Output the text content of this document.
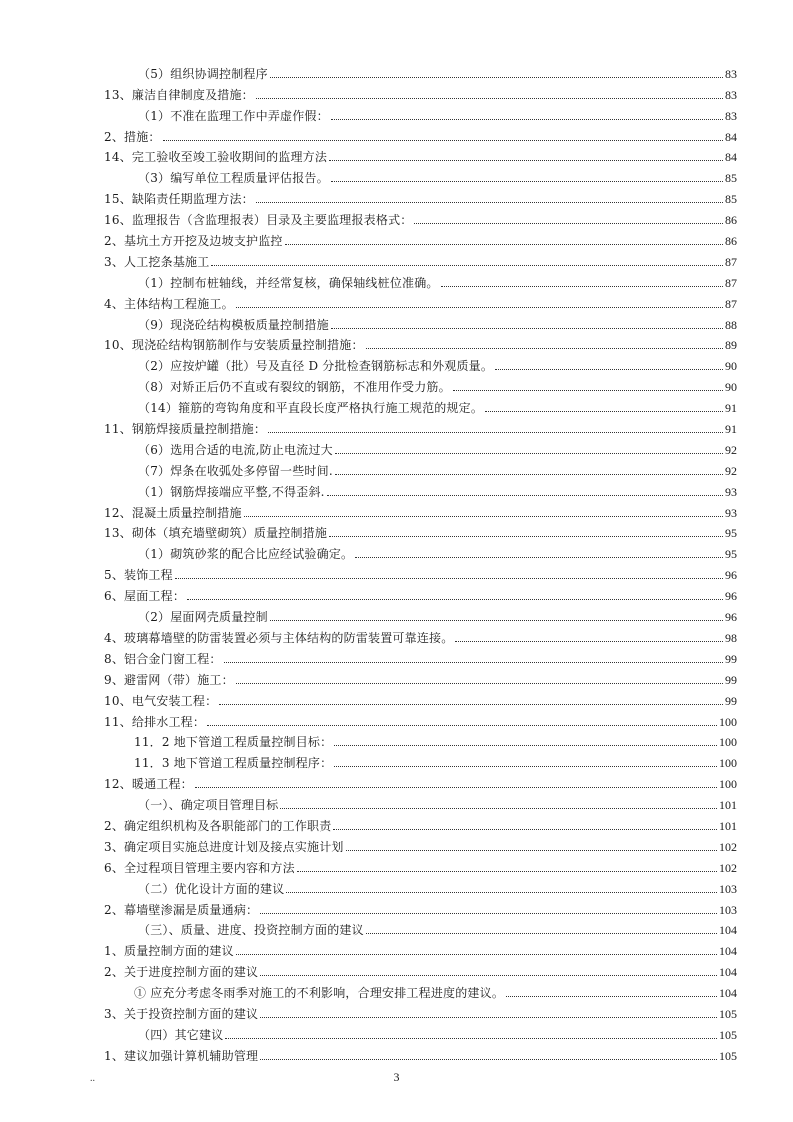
（5）组织协调控制程序	83
13、廉洁自律制度及措施：	83
（1）不准在监理工作中弄虚作假：	83
2、措施：	84
14、完工验收至竣工验收期间的监理方法	84
（3）编写单位工程质量评估报告。	85
15、缺陷责任期监理方法：	85
16、监理报告（含监理报表）目录及主要监理报表格式：	86
2、基坑土方开挖及边坡支护监控	86
3、人工挖条基施工	87
（1）控制布桩轴线，并经常复核，确保轴线桩位准确。	87
4、主体结构工程施工。	87
（9）现浇砼结构模板质量控制措施	88
10、现浇砼结构钢筋制作与安装质量控制措施：	89
（2）应按炉罐（批）号及直径 D 分批检查钢筋标志和外观质量。	90
（8）对矫正后仍不直或有裂纹的钢筋，不准用作受力筋。	90
（14）箍筋的弯钩角度和平直段长度严格执行施工规范的规定。	91
11、钢筋焊接质量控制措施：	91
（6）选用合适的电流,防止电流过大	92
（7）焊条在收弧处多停留一些时间.	92
（1）钢筋焊接端应平整,不得歪斜.	93
12、混凝土质量控制措施	93
13、砌体（填充墙壁砌筑）质量控制措施	95
（1）砌筑砂浆的配合比应经试验确定。	95
5、装饰工程	96
6、屋面工程：	96
（2）屋面网壳质量控制	96
4、玻璃幕墙壁的防雷装置必须与主体结构的防雷装置可靠连接。	98
8、铝合金门窗工程：	99
9、避雷网（带）施工：	99
10、电气安装工程：	99
11、给排水工程：	100
11．2 地下管道工程质量控制目标：	100
11．3 地下管道工程质量控制程序：	100
12、暖通工程：	100
（一）、确定项目管理目标	101
2、确定组织机构及各职能部门的工作职责	101
3、确定项目实施总进度计划及接点实施计划	102
6、全过程项目管理主要内容和方法	102
（二）优化设计方面的建议	103
2、幕墙壁渗漏是质量通病：	103
（三）、质量、进度、投资控制方面的建议	104
1、质量控制方面的建议	104
2、关于进度控制方面的建议	104
① 应充分考虑冬雨季对施工的不利影响，合理安排工程进度的建议。	104
3、关于投资控制方面的建议	105
（四）其它建议	105
1、建议加强计算机辅助管理	105
..	3
